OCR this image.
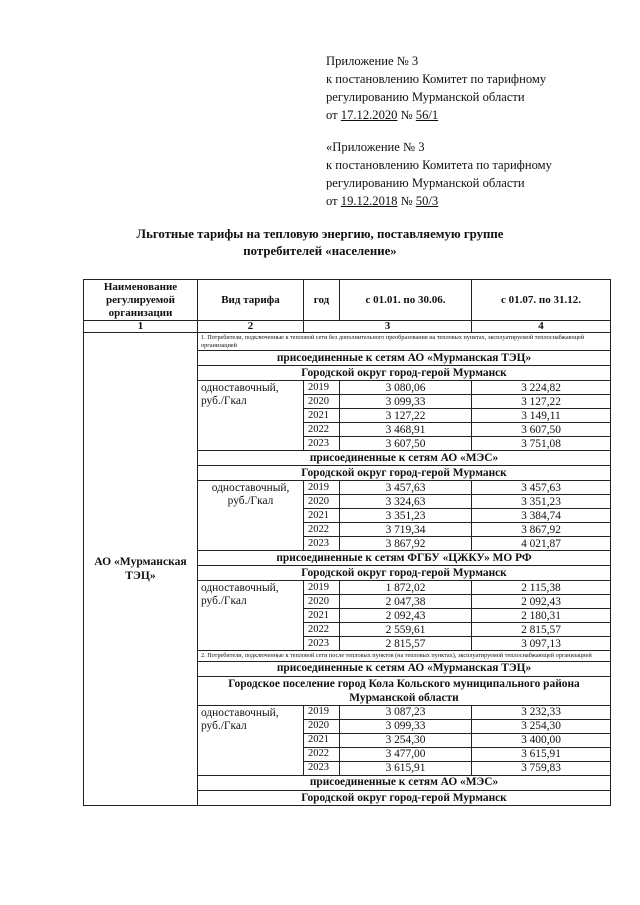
Приложение № 3
к постановлению Комитет по тарифному
регулированию Мурманской области
от 17.12.2020 № 56/1
«Приложение № 3
к постановлению Комитета по тарифному
регулированию Мурманской области
от 19.12.2018 № 50/3
Льготные тарифы на тепловую энергию, поставляемую группе
потребителей «население»
Наименование регулируемой организации	Вид тарифа	год	с 01.01. по 30.06.	с 01.07. по 31.12.
1	2	3		4
АО «Мурманская ТЭЦ»	1. Потребители, подключенные к тепловой сети без дополнительного преобразования на тепловых пунктах, эксплуатируемой теплоснабжающей организацией			
	присоединенные к сетям АО «Мурманская ТЭЦ»			
	Городской округ город-герой Мурманск			
	одноставочный, руб./Гкал	2019	3 080,06	3 224,82
		2020	3 099,33	3 127,22
		2021	3 127,22	3 149,11
		2022	3 468,91	3 607,50
		2023	3 607,50	3 751,08
	присоединенные к сетям АО «МЭС»			
	Городской округ город-герой Мурманск			
	одноставочный, руб./Гкал	2019	3 457,63	3 457,63
		2020	3 324,63	3 351,23
		2021	3 351,23	3 384,74
		2022	3 719,34	3 867,92
		2023	3 867,92	4 021,87
	присоединенные к сетям ФГБУ «ЦЖКУ» МО РФ			
	Городской округ город-герой Мурманск			
	одноставочный, руб./Гкал	2019	1 872,02	2 115,38
		2020	2 047,38	2 092,43
		2021	2 092,43	2 180,31
		2022	2 559,61	2 815,57
		2023	2 815,57	3 097,13
	2. Потребители, подключенные к тепловой сети после тепловых пунктов (на тепловых пунктах), эксплуатируемой теплоснабжающей организацией			
	присоединенные к сетям АО «Мурманская ТЭЦ»			
	Городское поселение город Кола Кольского муниципального района Мурманской области			
	одноставочный, руб./Гкал	2019	3 087,23	3 232,33
		2020	3 099,33	3 254,30
		2021	3 254,30	3 400,00
		2022	3 477,00	3 615,91
		2023	3 615,91	3 759,83
	присоединенные к сетям АО «МЭС»			
	Городской округ город-герой Мурманск			
